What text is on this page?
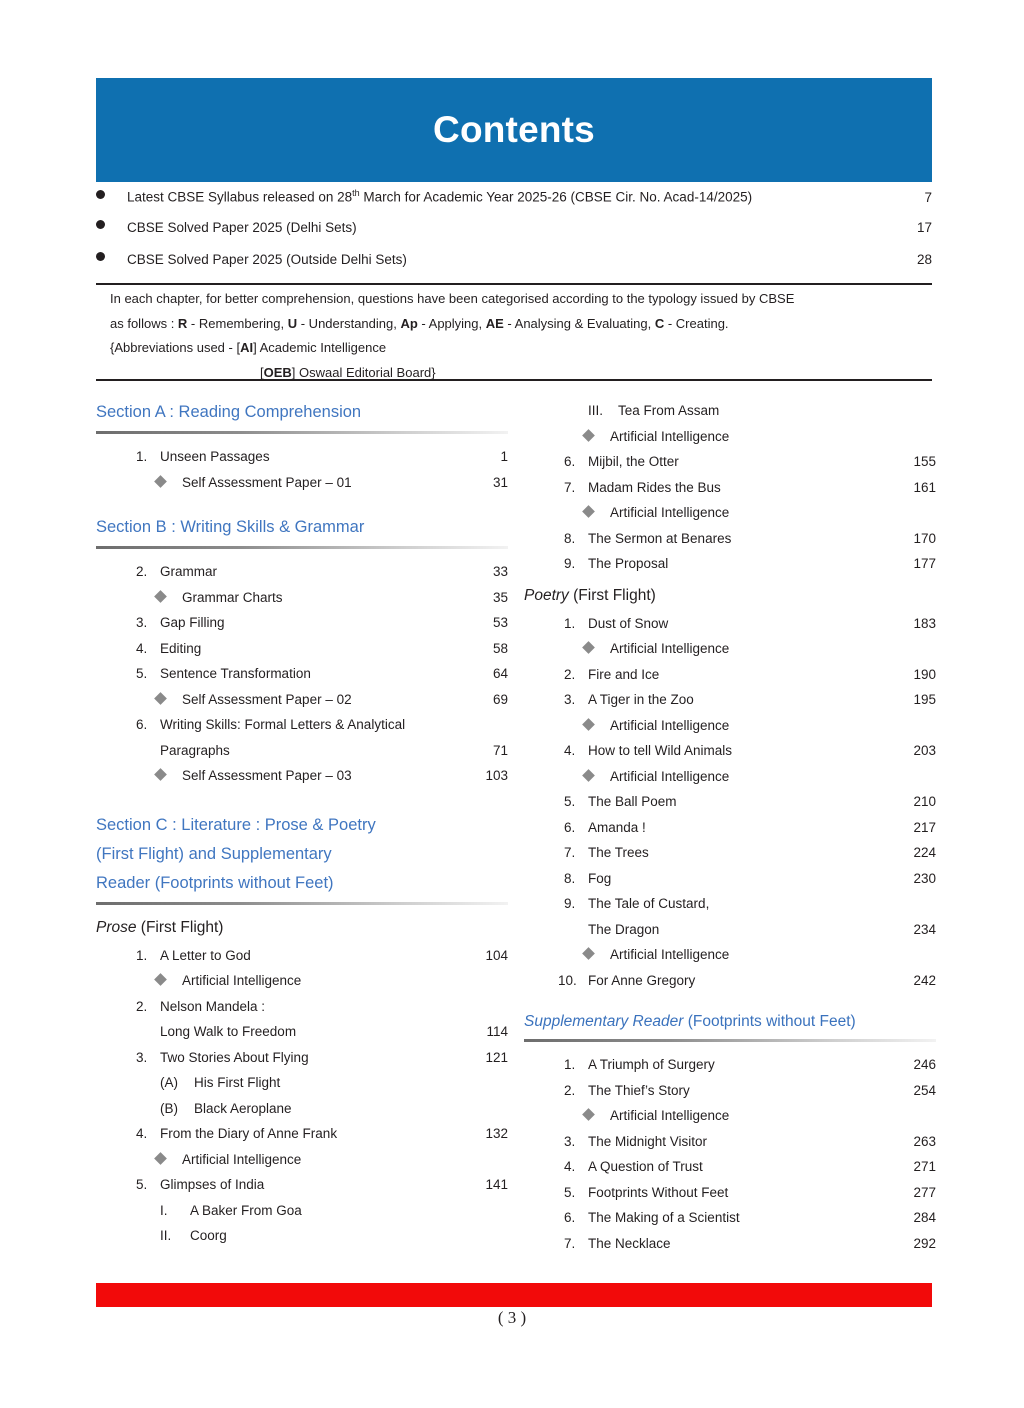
Contents
Latest CBSE Syllabus released on 28th March for Academic Year 2025-26 (CBSE Cir. No. Acad-14/2025)	7
CBSE Solved Paper 2025 (Delhi Sets)	17
CBSE Solved Paper 2025 (Outside Delhi Sets)	28
In each chapter, for better comprehension, questions have been categorised according to the typology issued by CBSE
as follows : R - Remembering, U - Understanding, Ap - Applying, AE - Analysing & Evaluating, C - Creating.
{Abbreviations used - [AI] Academic Intelligence
[OEB] Oswaal Editorial Board}
Section A : Reading Comprehension
1. Unseen Passages	1
Self Assessment Paper – 01	31
Section B : Writing Skills & Grammar
2. Grammar	33
Grammar Charts	35
3. Gap Filling	53
4. Editing	58
5. Sentence Transformation	64
Self Assessment Paper – 02	69
6. Writing Skills: Formal Letters & Analytical
Paragraphs	71
Self Assessment Paper – 03	103
Section C : Literature : Prose & Poetry
(First Flight) and Supplementary
Reader (Footprints without Feet)
Prose (First Flight)
1. A Letter to God	104
Artificial Intelligence
2. Nelson Mandela :
Long Walk to Freedom	114
3. Two Stories About Flying	121
(A)	His First Flight
(B)	Black Aeroplane
4. From the Diary of Anne Frank	132
Artificial Intelligence
5. Glimpses of India	141
I.	A Baker From Goa
II.	Coorg
III.	Tea From Assam
Artificial Intelligence
6. Mijbil, the Otter	155
7. Madam Rides the Bus	161
Artificial Intelligence
8. The Sermon at Benares	170
9. The Proposal	177
Poetry (First Flight)
1. Dust of Snow	183
Artificial Intelligence
2. Fire and Ice	190
3. A Tiger in the Zoo	195
Artificial Intelligence
4. How to tell Wild Animals	203
Artificial Intelligence
5. The Ball Poem	210
6. Amanda !	217
7. The Trees	224
8. Fog	230
9. The Tale of Custard,
The Dragon	234
Artificial Intelligence
10. For Anne Gregory	242
Supplementary Reader (Footprints without Feet)
1. A Triumph of Surgery	246
2. The Thief’s Story	254
Artificial Intelligence
3. The Midnight Visitor	263
4. A Question of Trust	271
5. Footprints Without Feet	277
6. The Making of a Scientist	284
7. The Necklace	292
( 3 )
